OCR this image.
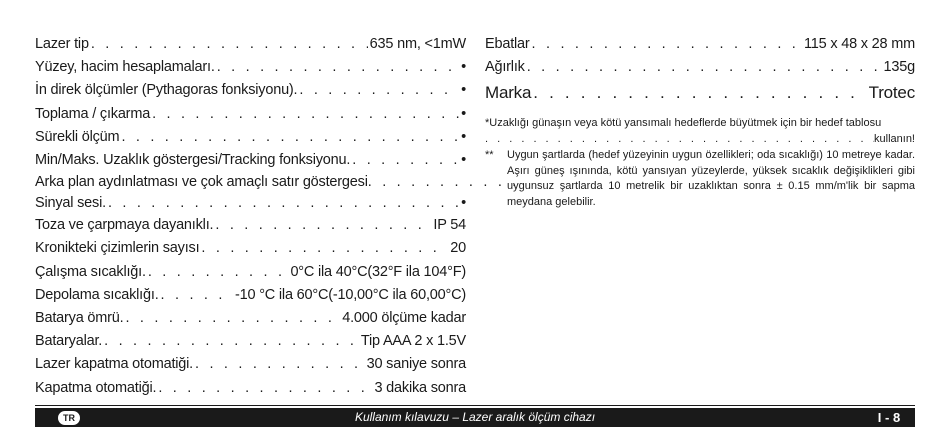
Lazer tip . . .	635 nm, <1mW
Yüzey, hacim hesaplamaları. . . .	•
İn direk ölçümler (Pythagoras fonksiyonu). . . .	•
Toplama / çıkarma . . .	•
Sürekli ölçüm . . .	•
Min/Maks. Uzaklık göstergesi/Tracking fonksiyonu. . . .	•
Arka plan aydınlatması ve çok amaçlı satır göstergesi . . . . . . . . . . .
Sinyal sesi. . . .	•
Toza ve çarpmaya dayanıklı. . . .	IP 54
Kronikteki çizimlerin sayısı . . .	20
Çalışma sıcaklığı. . . .	0°C ila 40°C(32°F ila 104°F)
Depolama sıcaklığı. . . .	-10 °C ila 60°C(-10,00°C ila 60,00°C)
Batarya ömrü. . . .	4.000 ölçüme kadar
Bataryalar. . . .	Tip AAA 2 x 1.5V
Lazer kapatma otomatiği. . . .	30 saniye sonra
Kapatma otomatiği. . . .	3 dakika sonra
Ebatlar . . .	115 x 48 x 28 mm
Ağırlık . . .	135g
Marka . . .	Trotec
*Uzaklığı günaşın veya kötü yansımalı hedeflerde büyütmek için bir hedef tablosu
. . .
kullanın!
**	Uygun şartlarda (hedef yüzeyinin uygun özellikleri; oda sıcaklığı) 10 metreye kadar. Aşırı güneş ışınında, kötü yansıyan yüzeylerde, yüksek sıcaklık değişiklikleri gibi uygunsuz şartlarda 10 metrelik bir uzaklıktan sonra ± 0.15 mm/m'lik bir sapma meydana gelebilir.
TR	Kullanım kılavuzu – Lazer aralık ölçüm cihazı	I - 8
